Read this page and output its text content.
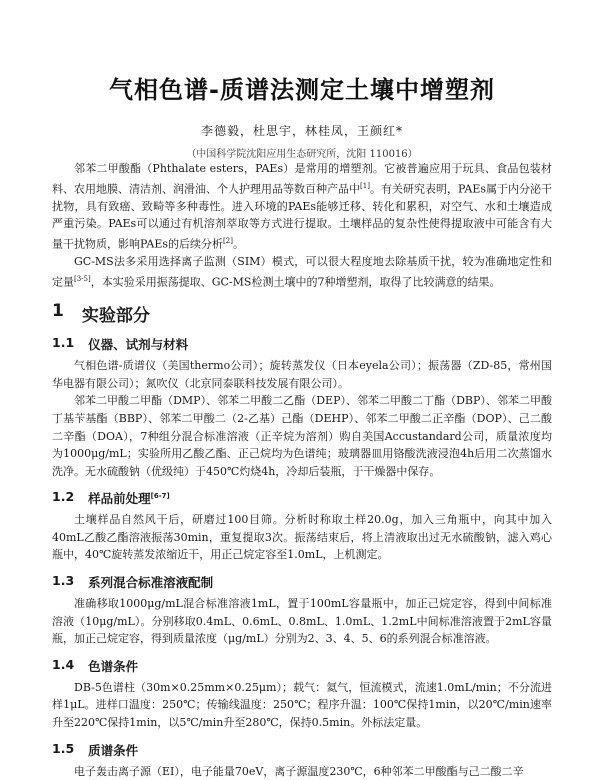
气相色谱-质谱法测定土壤中增塑剂
李德毅，杜思宇，林桂凤，王颜红*
（中国科学院沈阳应用生态研究所，沈阳 110016）

邻苯二甲酸酯（Phthalate esters，PAEs）是常用的增塑剂。它被普遍应用于玩具、食品包装材料、农用地膜、清洁剂、润滑油、个人护理用品等数百种产品中[1]。有关研究表明，PAEs属于内分泌干扰物，具有致癌、致畸等多种毒性。进入环境的PAEs能够迁移、转化和累积，对空气、水和土壤造成严重污染。PAEs可以通过有机溶剂萃取等方式进行提取。土壤样品的复杂性使得提取液中可能含有大量干扰物质，影响PAEs的后续分析[2]。

GC-MS法多采用选择离子监测（SIM）模式，可以很大程度地去除基质干扰，较为准确地定性和定量[3-5]，本实验采用振荡提取、GC-MS检测土壤中的7种增塑剂，取得了比较满意的结果。

1 实验部分
1.1 仪器、试剂与材料

气相色谱-质谱仪（美国thermo公司）；旋转蒸发仪（日本eyela公司）；振荡器（ZD-85，常州国华电器有限公司）；氮吹仪（北京同泰联科技发展有限公司）。

邻苯二甲酸二甲酯（DMP）、邻苯二甲酸二乙酯（DEP）、邻苯二甲酸二丁酯（DBP）、邻苯二甲酸丁基苄基酯（BBP）、邻苯二甲酸二（2-乙基）己酯（DEHP）、邻苯二甲酸二正辛酯（DOP）、己二酸二辛酯（DOA），7种组分混合标准溶液（正辛烷为溶剂）购自美国Accustandard公司，质量浓度均为1000μg/mL；实验所用乙酸乙酯、正己烷均为色谱纯；玻璃器皿用铬酸洗液浸泡4h后用二次蒸馏水洗净。无水硫酸钠（优级纯）于450℃灼烧4h，冷却后装瓶，于干燥器中保存。

1.2 样品前处理[6-7]

土壤样品自然风干后，研磨过100目筛。分析时称取土样20.0g，加入三角瓶中，向其中加入40mL乙酸乙酯溶液振荡30min，重复提取3次。振荡结束后，将上清液取出过无水硫酸钠，滤入鸡心瓶中，40℃旋转蒸发浓缩近干，用正己烷定容至1.0mL，上机测定。

1.3 系列混合标准溶液配制

准确移取1000μg/mL混合标准溶液1mL，置于100mL容量瓶中，加正己烷定容，得到中间标准溶液（10μg/mL）。分别移取0.4mL、0.6mL、0.8mL、1.0mL、1.2mL中间标准溶液置于2mL容量瓶，加正己烷定容，得到质量浓度（μg/mL）分别为2、3、4、5、6的系列混合标准溶液。

1.4 色谱条件

DB-5色谱柱（30m×0.25mm×0.25μm）；载气：氦气，恒流模式，流速1.0mL/min；不分流进样1μL。进样口温度：250℃；传输线温度：250℃；程序升温：100℃保持1min，以20℃/min速率升至220℃保持1min，以5℃/min升至280℃，保持0.5min。外标法定量。

1.5 质谱条件

电子轰击离子源（EI），电子能量70eV，离子源温度230℃，6种邻苯二甲酸酯与己二酸二辛
